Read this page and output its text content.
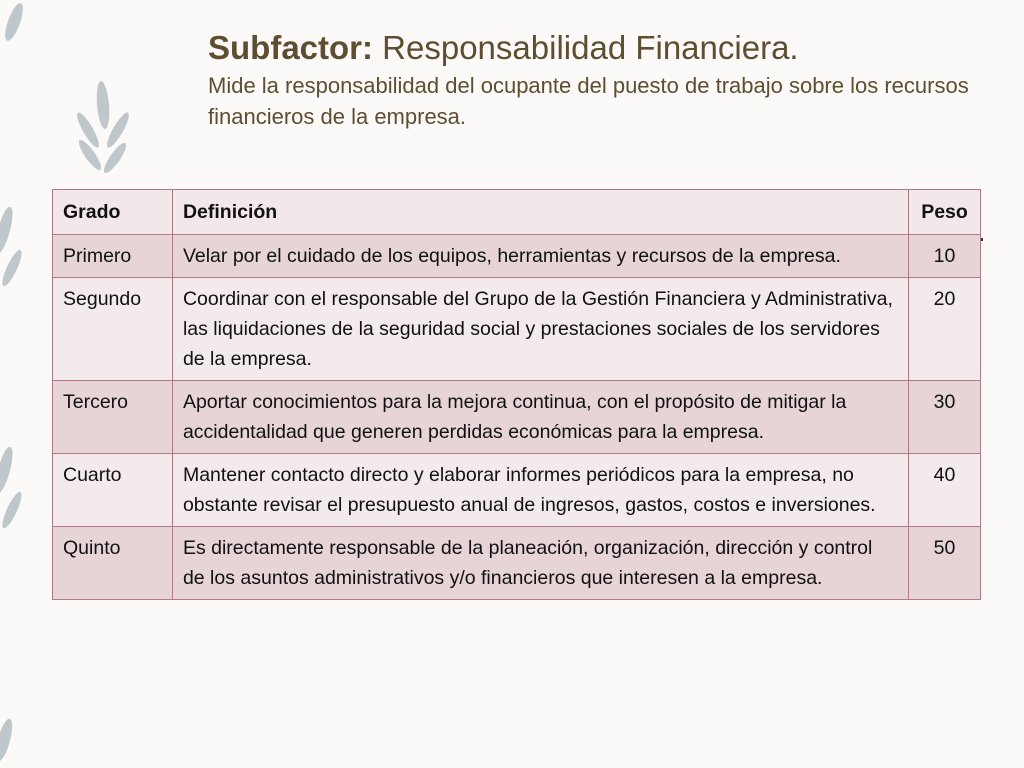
Subfactor: Responsabilidad Financiera.

Mide la responsabilidad del ocupante del puesto de trabajo sobre los recursos financieros de la empresa.

Grado	Definición	Peso
Primero	Velar por el cuidado de los equipos, herramientas y recursos de la empresa.	10
Segundo	Coordinar con el responsable del Grupo de la Gestión Financiera y Administrativa, las liquidaciones de la seguridad social y prestaciones sociales de los servidores de la empresa.	20
Tercero	Aportar conocimientos para la mejora continua, con el propósito de mitigar la accidentalidad que generen perdidas económicas para la empresa.	30
Cuarto	Mantener contacto directo y elaborar informes periódicos para la empresa, no obstante revisar el presupuesto anual de ingresos, gastos, costos e inversiones.	40
Quinto	Es directamente responsable de la planeación, organización, dirección y control de los asuntos administrativos y/o financieros que interesen a la empresa.	50
